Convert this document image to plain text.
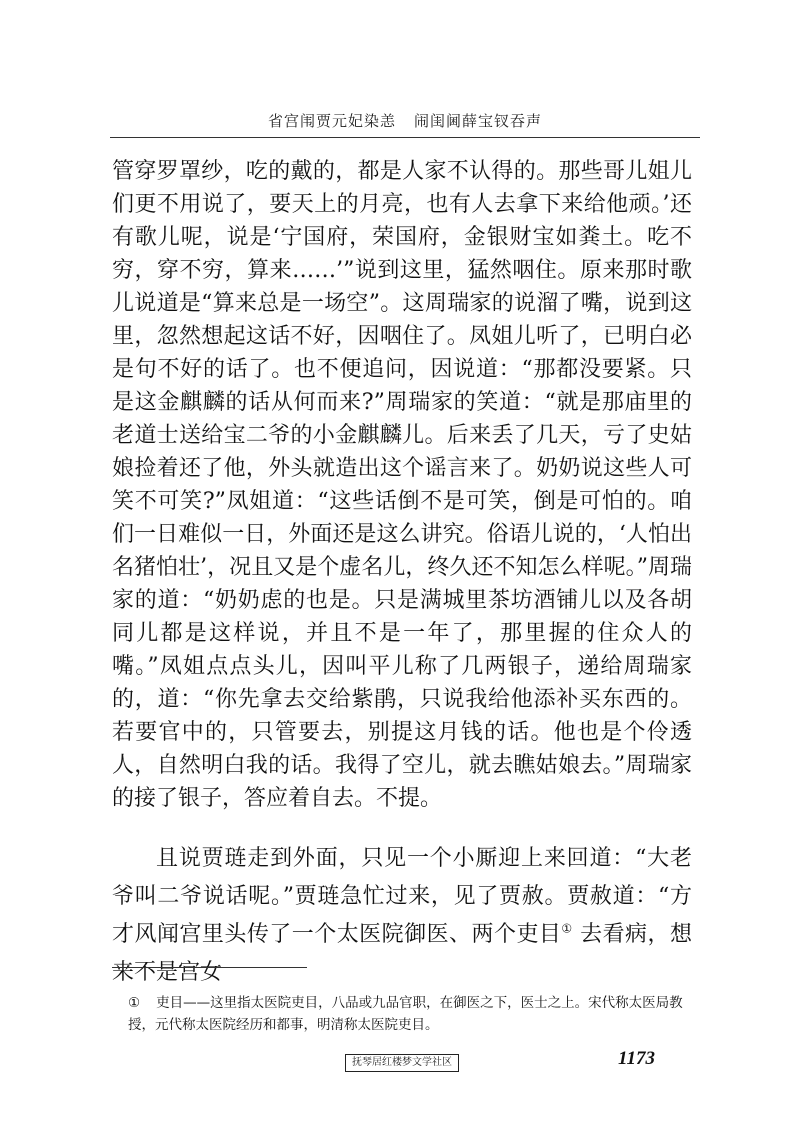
省宫闱贾元妃染恙 闹闺阃薛宝钗吞声

管穿罗罩纱，吃的戴的，都是人家不认得的。那些哥儿姐儿们更不用说了，要天上的月亮，也有人去拿下来给他顽。’还有歌儿呢，说是‘宁国府，荣国府，金银财宝如粪土。吃不穷，穿不穷，算来……’”说到这里，猛然咽住。原来那时歌儿说道是“算来总是一场空”。这周瑞家的说溜了嘴，说到这里，忽然想起这话不好，因咽住了。凤姐儿听了，已明白必是句不好的话了。也不便追问，因说道：“那都没要紧。只是这金麒麟的话从何而来?”周瑞家的笑道：“就是那庙里的老道士送给宝二爷的小金麒麟儿。后来丢了几天，亏了史姑娘捡着还了他，外头就造出这个谣言来了。奶奶说这些人可笑不可笑?”凤姐道：“这些话倒不是可笑，倒是可怕的。咱们一日难似一日，外面还是这么讲究。俗语儿说的，‘人怕出名猪怕壮’，况且又是个虚名儿，终久还不知怎么样呢。”周瑞家的道：“奶奶虑的也是。只是满城里茶坊酒铺儿以及各胡同儿都是这样说，并且不是一年了，那里握的住众人的嘴。”凤姐点点头儿，因叫平儿称了几两银子，递给周瑞家的，道：“你先拿去交给紫鹃，只说我给他添补买东西的。若要官中的，只管要去，别提这月钱的话。他也是个伶透人，自然明白我的话。我得了空儿，就去瞧姑娘去。”周瑞家的接了银子，答应着自去。不提。

且说贾琏走到外面，只见一个小厮迎上来回道：“大老爷叫二爷说话呢。”贾琏急忙过来，见了贾赦。贾赦道：“方才风闻宫里头传了一个太医院御医、两个吏目① 去看病，想来不是宫女

① 吏目——这里指太医院吏目，八品或九品官职，在御医之下，医士之上。宋代称太医局教授，元代称太医院经历和都事，明清称太医院吏目。
抚琴居红楼梦文学社区	1173
